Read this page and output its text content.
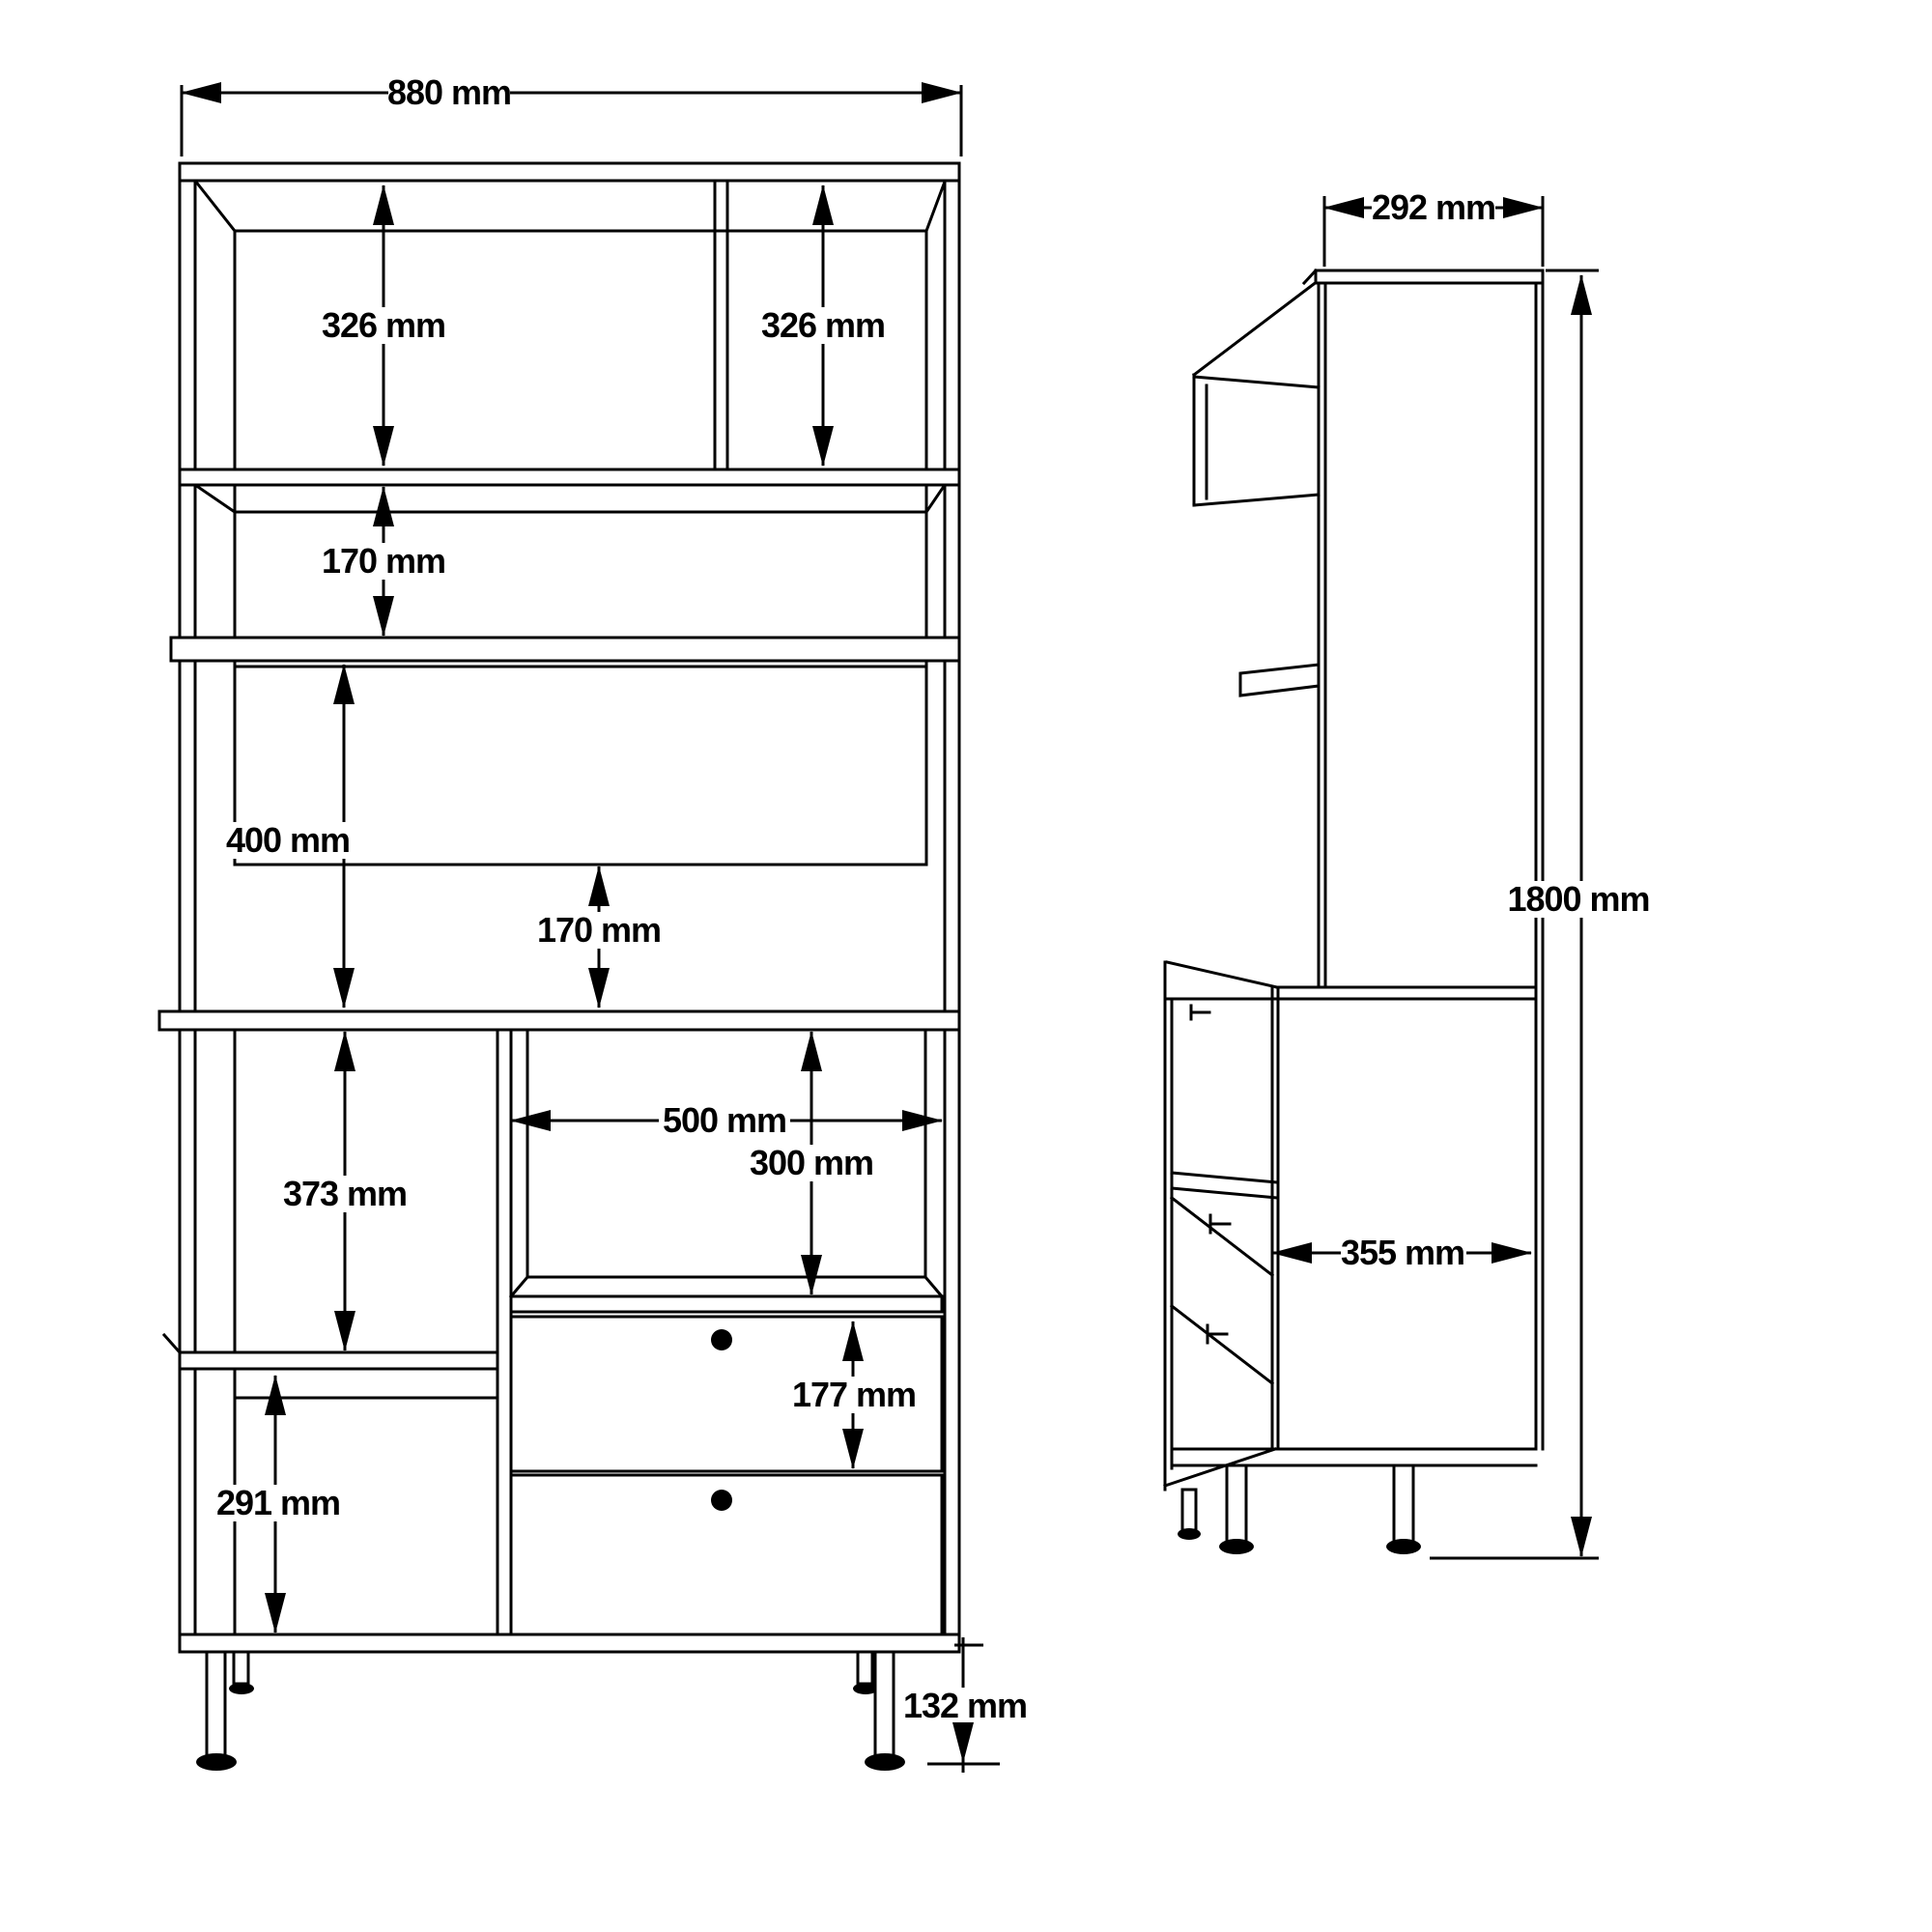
880 mm
326 mm	326 mm
170 mm
400 mm
170 mm
373 mm
500 mm
300 mm
177 mm
291 mm
132 mm
292 mm
1800 mm
355 mm
